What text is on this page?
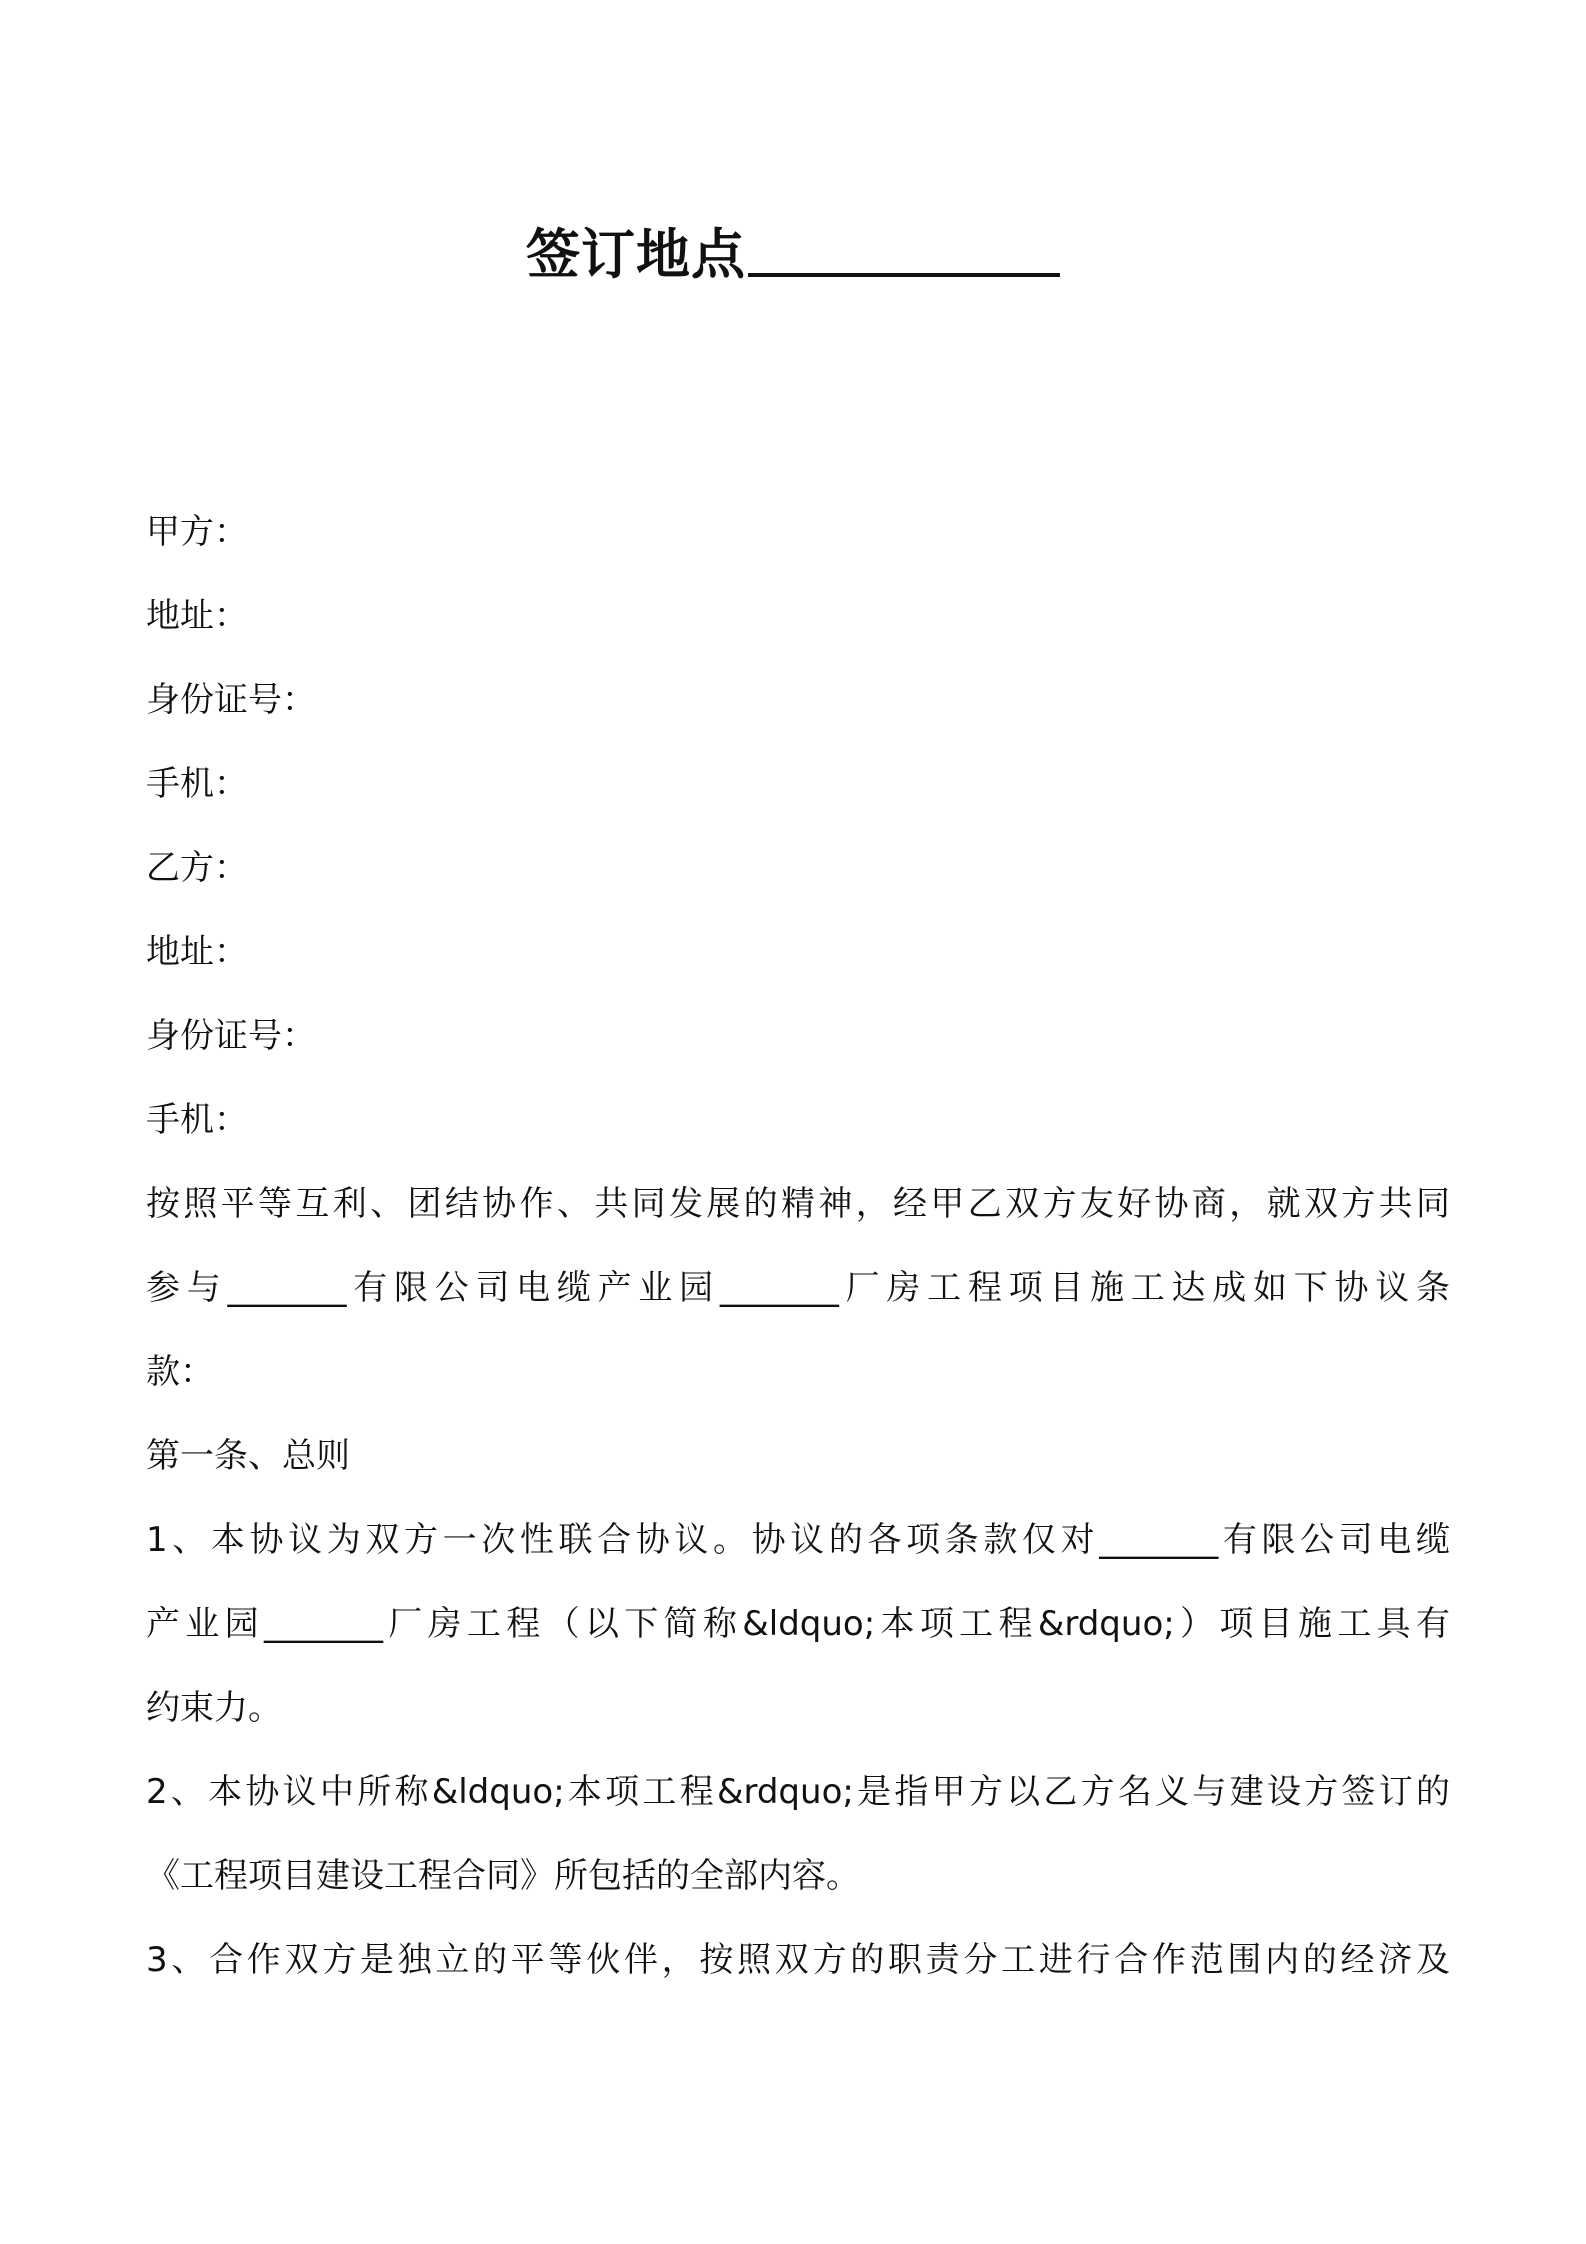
签订地点
甲方：
地址：
身份证号：
手机：
乙方：
地址：
身份证号：
手机：
按照平等互利、团结协作、共同发展的精神，经甲乙双方友好协商，就双方共同
参与_______有限公司电缆产业园_______厂房工程项目施工达成如下协议条
款：
第一条、总则
1、本协议为双方一次性联合协议。协议的各项条款仅对_______有限公司电缆
产业园_______厂房工程（以下简称&ldquo;本项工程&rdquo;）项目施工具有
约束力。
2、本协议中所称&ldquo;本项工程&rdquo;是指甲方以乙方名义与建设方签订的
《工程项目建设工程合同》所包括的全部内容。
3、合作双方是独立的平等伙伴，按照双方的职责分工进行合作范围内的经济及
